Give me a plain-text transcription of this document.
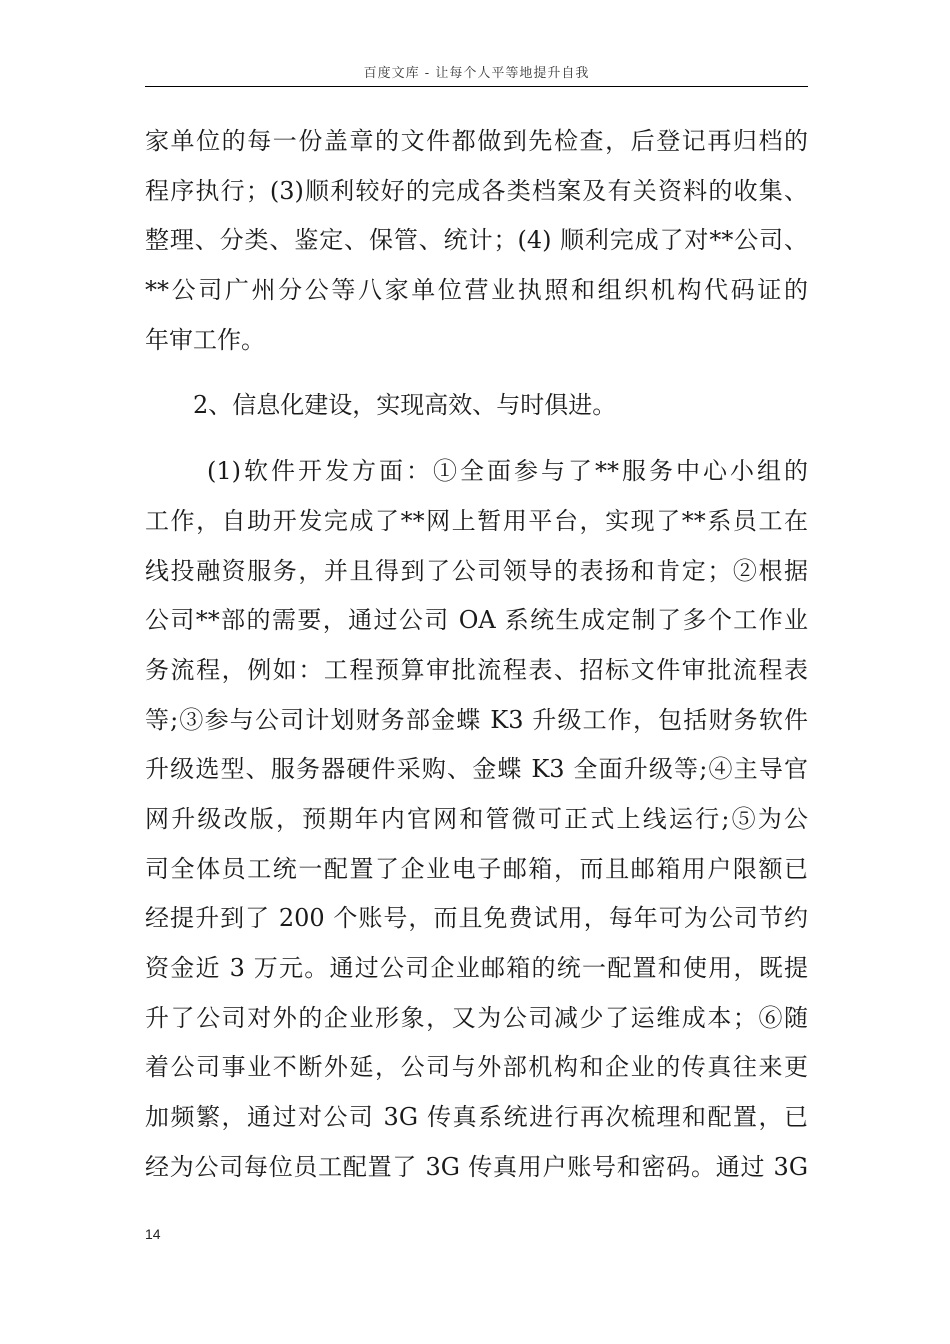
百度文库 - 让每个人平等地提升自我
家单位的每一份盖章的文件都做到先检查，后登记再归档的
程序执行；(3)顺利较好的完成各类档案及有关资料的收集、
整理、分类、鉴定、保管、统计；(4) 顺利完成了对**公司、
**公司广州分公等八家单位营业执照和组织机构代码证的
年审工作。
2、信息化建设，实现高效、与时俱进。
(1)软件开发方面：①全面参与了**服务中心小组的
工作，自助开发完成了**网上暂用平台，实现了**系员工在
线投融资服务，并且得到了公司领导的表扬和肯定；②根据
公司**部的需要，通过公司 OA 系统生成定制了多个工作业
务流程，例如：工程预算审批流程表、招标文件审批流程表
等;③参与公司计划财务部金蝶 K3 升级工作，包括财务软件
升级选型、服务器硬件采购、金蝶 K3 全面升级等;④主导官
网升级改版，预期年内官网和管微可正式上线运行;⑤为公
司全体员工统一配置了企业电子邮箱，而且邮箱用户限额已
经提升到了 200 个账号，而且免费试用，每年可为公司节约
资金近 3 万元。通过公司企业邮箱的统一配置和使用，既提
升了公司对外的企业形象，又为公司减少了运维成本；⑥随
着公司事业不断外延，公司与外部机构和企业的传真往来更
加频繁，通过对公司 3G 传真系统进行再次梳理和配置，已
经为公司每位员工配置了 3G 传真用户账号和密码。通过 3G
14
